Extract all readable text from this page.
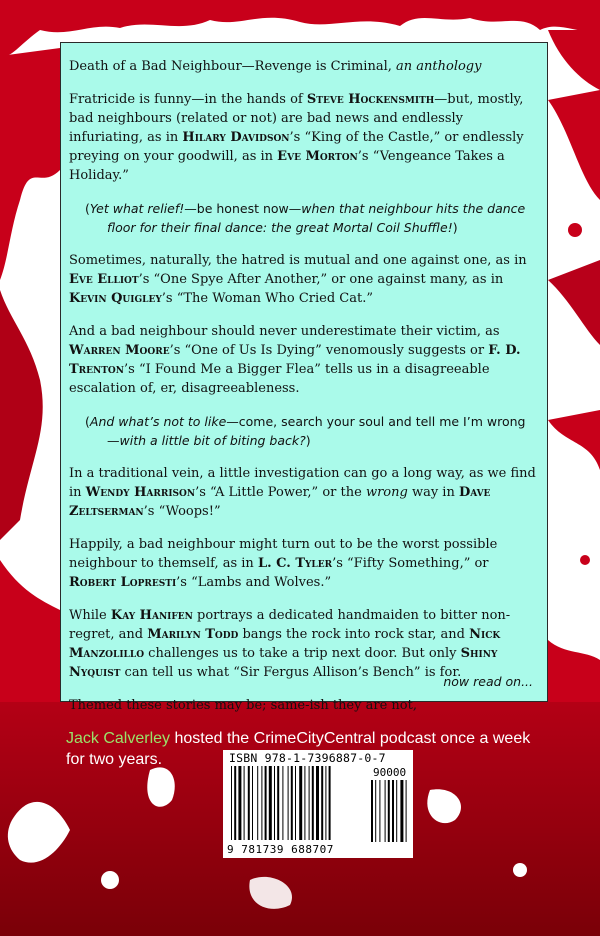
Death of a Bad Neighbour—Revenge is Criminal, an anthology

Fratricide is funny—in the hands of Steve Hockensmith—but, mostly, bad neighbours (related or not) are bad news and endlessly infuriating, as in Hilary Davidson’s “King of the Castle,” or endlessly preying on your goodwill, as in Eve Morton’s “Vengeance Takes a Holiday.”

(Yet what relief!—be honest now—when that neighbour hits the dance floor for their final dance: the great Mortal Coil Shuffle!)

Sometimes, naturally, the hatred is mutual and one against one, as in Eve Elliot’s “One Spye After Another,” or one against many, as in Kevin Quigley’s “The Woman Who Cried Cat.”

And a bad neighbour should never underestimate their victim, as Warren Moore’s “One of Us Is Dying” venomously suggests or F. D. Trenton’s “I Found Me a Bigger Flea” tells us in a disagreeable escalation of, er, disagreeableness.

(And what’s not to like—come, search your soul and tell me I’m wrong—with a little bit of biting back?)

In a traditional vein, a little investigation can go a long way, as we find in Wendy Harrison’s “A Little Power,” or the wrong way in Dave Zeltserman’s “Woops!”

Happily, a bad neighbour might turn out to be the worst possible neighbour to themself, as in L. C. Tyler’s “Fifty Something,” or Robert Lopresti’s “Lambs and Wolves.”

While Kay Hanifen portrays a dedicated handmaiden to bitter non-regret, and Marilyn Todd bangs the rock into rock star, and Nick Manzolillo challenges us to take a trip next door. But only Shiny Nyquist can tell us what “Sir Fergus Allison’s Bench” is for.

Themed these stories may be; same-ish they are not,

now read on...
Jack Calverley hosted the CrimeCityCentral podcast once a week for two years.	ISBN 978-1-7396887-0-7
90000
9 781739 688707
